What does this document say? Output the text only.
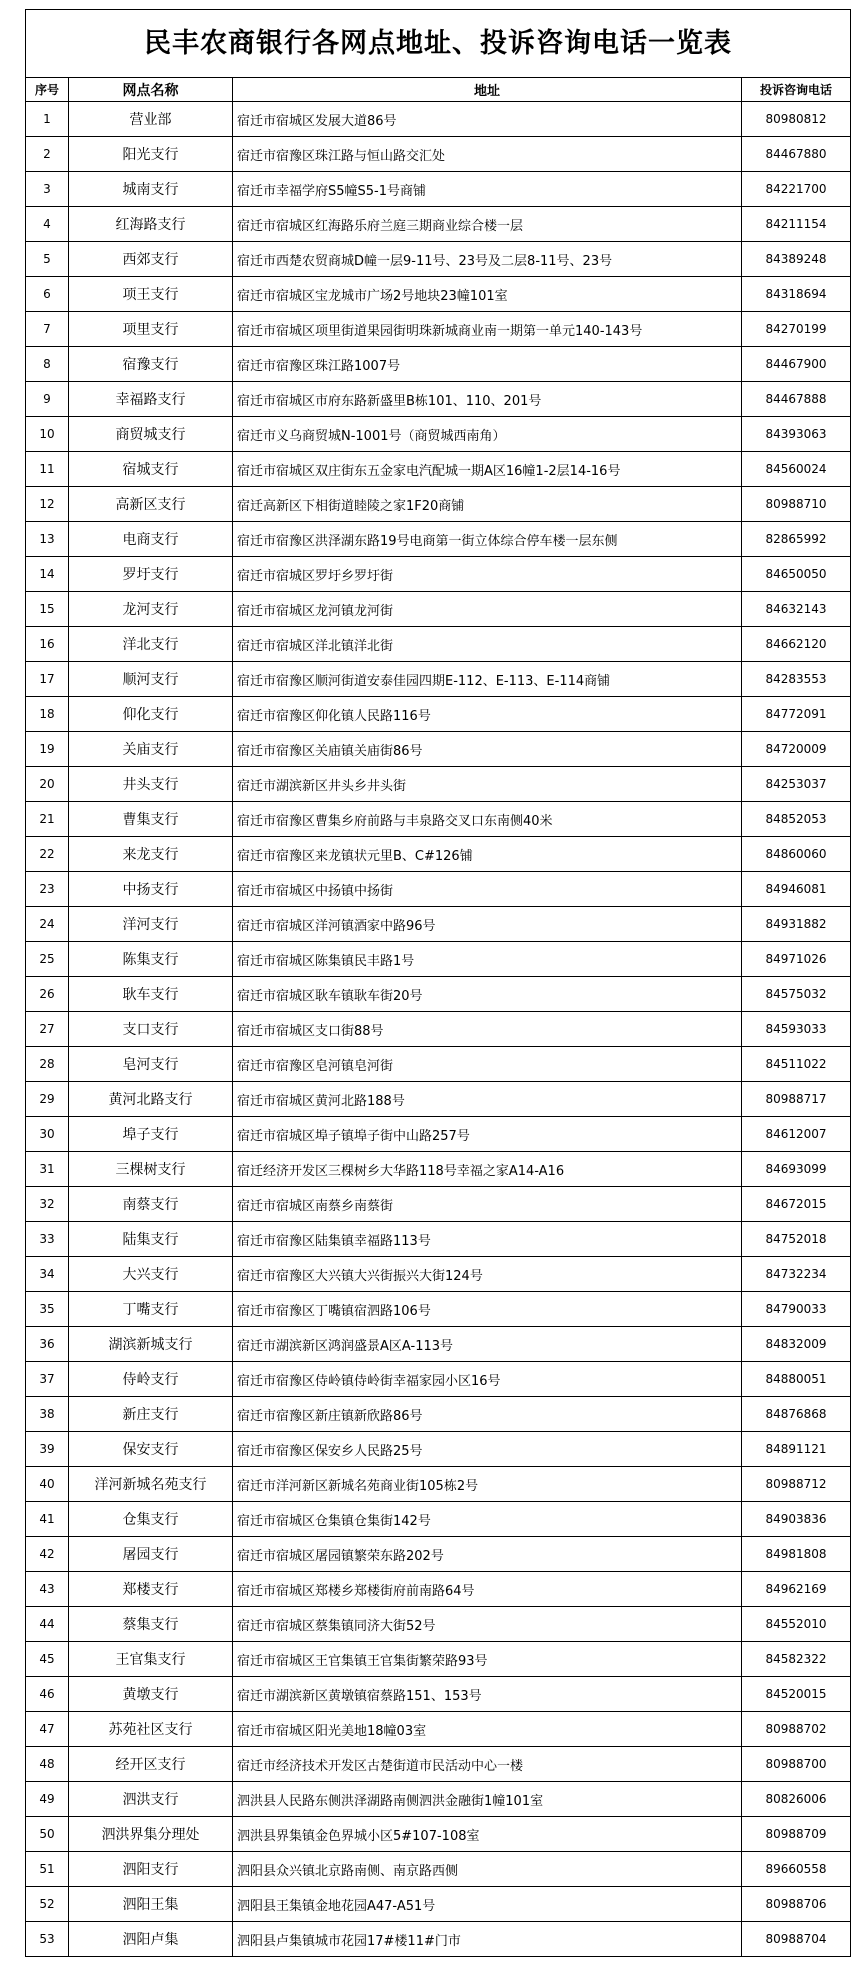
民丰农商银行各网点地址、投诉咨询电话一览表
序号	网点名称	地址	投诉咨询电话
1	营业部	宿迁市宿城区发展大道86号	80980812
2	阳光支行	宿迁市宿豫区珠江路与恒山路交汇处	84467880
3	城南支行	宿迁市幸福学府S5幢S5-1号商铺	84221700
4	红海路支行	宿迁市宿城区红海路乐府兰庭三期商业综合楼一层	84211154
5	西郊支行	宿迁市西楚农贸商城D幢一层9-11号、23号及二层8-11号、23号	84389248
6	项王支行	宿迁市宿城区宝龙城市广场2号地块23幢101室	84318694
7	项里支行	宿迁市宿城区项里街道果园街明珠新城商业南一期第一单元140-143号	84270199
8	宿豫支行	宿迁市宿豫区珠江路1007号	84467900
9	幸福路支行	宿迁市宿城区市府东路新盛里B栋101、110、201号	84467888
10	商贸城支行	宿迁市义乌商贸城N-1001号（商贸城西南角）	84393063
11	宿城支行	宿迁市宿城区双庄街东五金家电汽配城一期A区16幢1-2层14-16号	84560024
12	高新区支行	宿迁高新区下相街道睦陵之家1F20商铺	80988710
13	电商支行	宿迁市宿豫区洪泽湖东路19号电商第一街立体综合停车楼一层东侧	82865992
14	罗圩支行	宿迁市宿城区罗圩乡罗圩街	84650050
15	龙河支行	宿迁市宿城区龙河镇龙河街	84632143
16	洋北支行	宿迁市宿城区洋北镇洋北街	84662120
17	顺河支行	宿迁市宿豫区顺河街道安泰佳园四期E-112、E-113、E-114商铺	84283553
18	仰化支行	宿迁市宿豫区仰化镇人民路116号	84772091
19	关庙支行	宿迁市宿豫区关庙镇关庙街86号	84720009
20	井头支行	宿迁市湖滨新区井头乡井头街	84253037
21	曹集支行	宿迁市宿豫区曹集乡府前路与丰泉路交叉口东南侧40米	84852053
22	来龙支行	宿迁市宿豫区来龙镇状元里B、C#126铺	84860060
23	中扬支行	宿迁市宿城区中扬镇中扬街	84946081
24	洋河支行	宿迁市宿城区洋河镇酒家中路96号	84931882
25	陈集支行	宿迁市宿城区陈集镇民丰路1号	84971026
26	耿车支行	宿迁市宿城区耿车镇耿车街20号	84575032
27	支口支行	宿迁市宿城区支口街88号	84593033
28	皂河支行	宿迁市宿豫区皂河镇皂河街	84511022
29	黄河北路支行	宿迁市宿城区黄河北路188号	80988717
30	埠子支行	宿迁市宿城区埠子镇埠子街中山路257号	84612007
31	三棵树支行	宿迁经济开发区三棵树乡大华路118号幸福之家A14-A16	84693099
32	南蔡支行	宿迁市宿城区南蔡乡南蔡街	84672015
33	陆集支行	宿迁市宿豫区陆集镇幸福路113号	84752018
34	大兴支行	宿迁市宿豫区大兴镇大兴街振兴大街124号	84732234
35	丁嘴支行	宿迁市宿豫区丁嘴镇宿泗路106号	84790033
36	湖滨新城支行	宿迁市湖滨新区鸿润盛景A区A-113号	84832009
37	侍岭支行	宿迁市宿豫区侍岭镇侍岭街幸福家园小区16号	84880051
38	新庄支行	宿迁市宿豫区新庄镇新欣路86号	84876868
39	保安支行	宿迁市宿豫区保安乡人民路25号	84891121
40	洋河新城名苑支行	宿迁市洋河新区新城名苑商业街105栋2号	80988712
41	仓集支行	宿迁市宿城区仓集镇仓集街142号	84903836
42	屠园支行	宿迁市宿城区屠园镇繁荣东路202号	84981808
43	郑楼支行	宿迁市宿城区郑楼乡郑楼街府前南路64号	84962169
44	蔡集支行	宿迁市宿城区蔡集镇同济大街52号	84552010
45	王官集支行	宿迁市宿城区王官集镇王官集街繁荣路93号	84582322
46	黄墩支行	宿迁市湖滨新区黄墩镇宿蔡路151、153号	84520015
47	苏苑社区支行	宿迁市宿城区阳光美地18幢03室	80988702
48	经开区支行	宿迁市经济技术开发区古楚街道市民活动中心一楼	80988700
49	泗洪支行	泗洪县人民路东侧洪泽湖路南侧泗洪金融街1幢101室	80826006
50	泗洪界集分理处	泗洪县界集镇金色界城小区5#107-108室	80988709
51	泗阳支行	泗阳县众兴镇北京路南侧、南京路西侧	89660558
52	泗阳王集	泗阳县王集镇金地花园A47-A51号	80988706
53	泗阳卢集	泗阳县卢集镇城市花园17#楼11#门市	80988704
